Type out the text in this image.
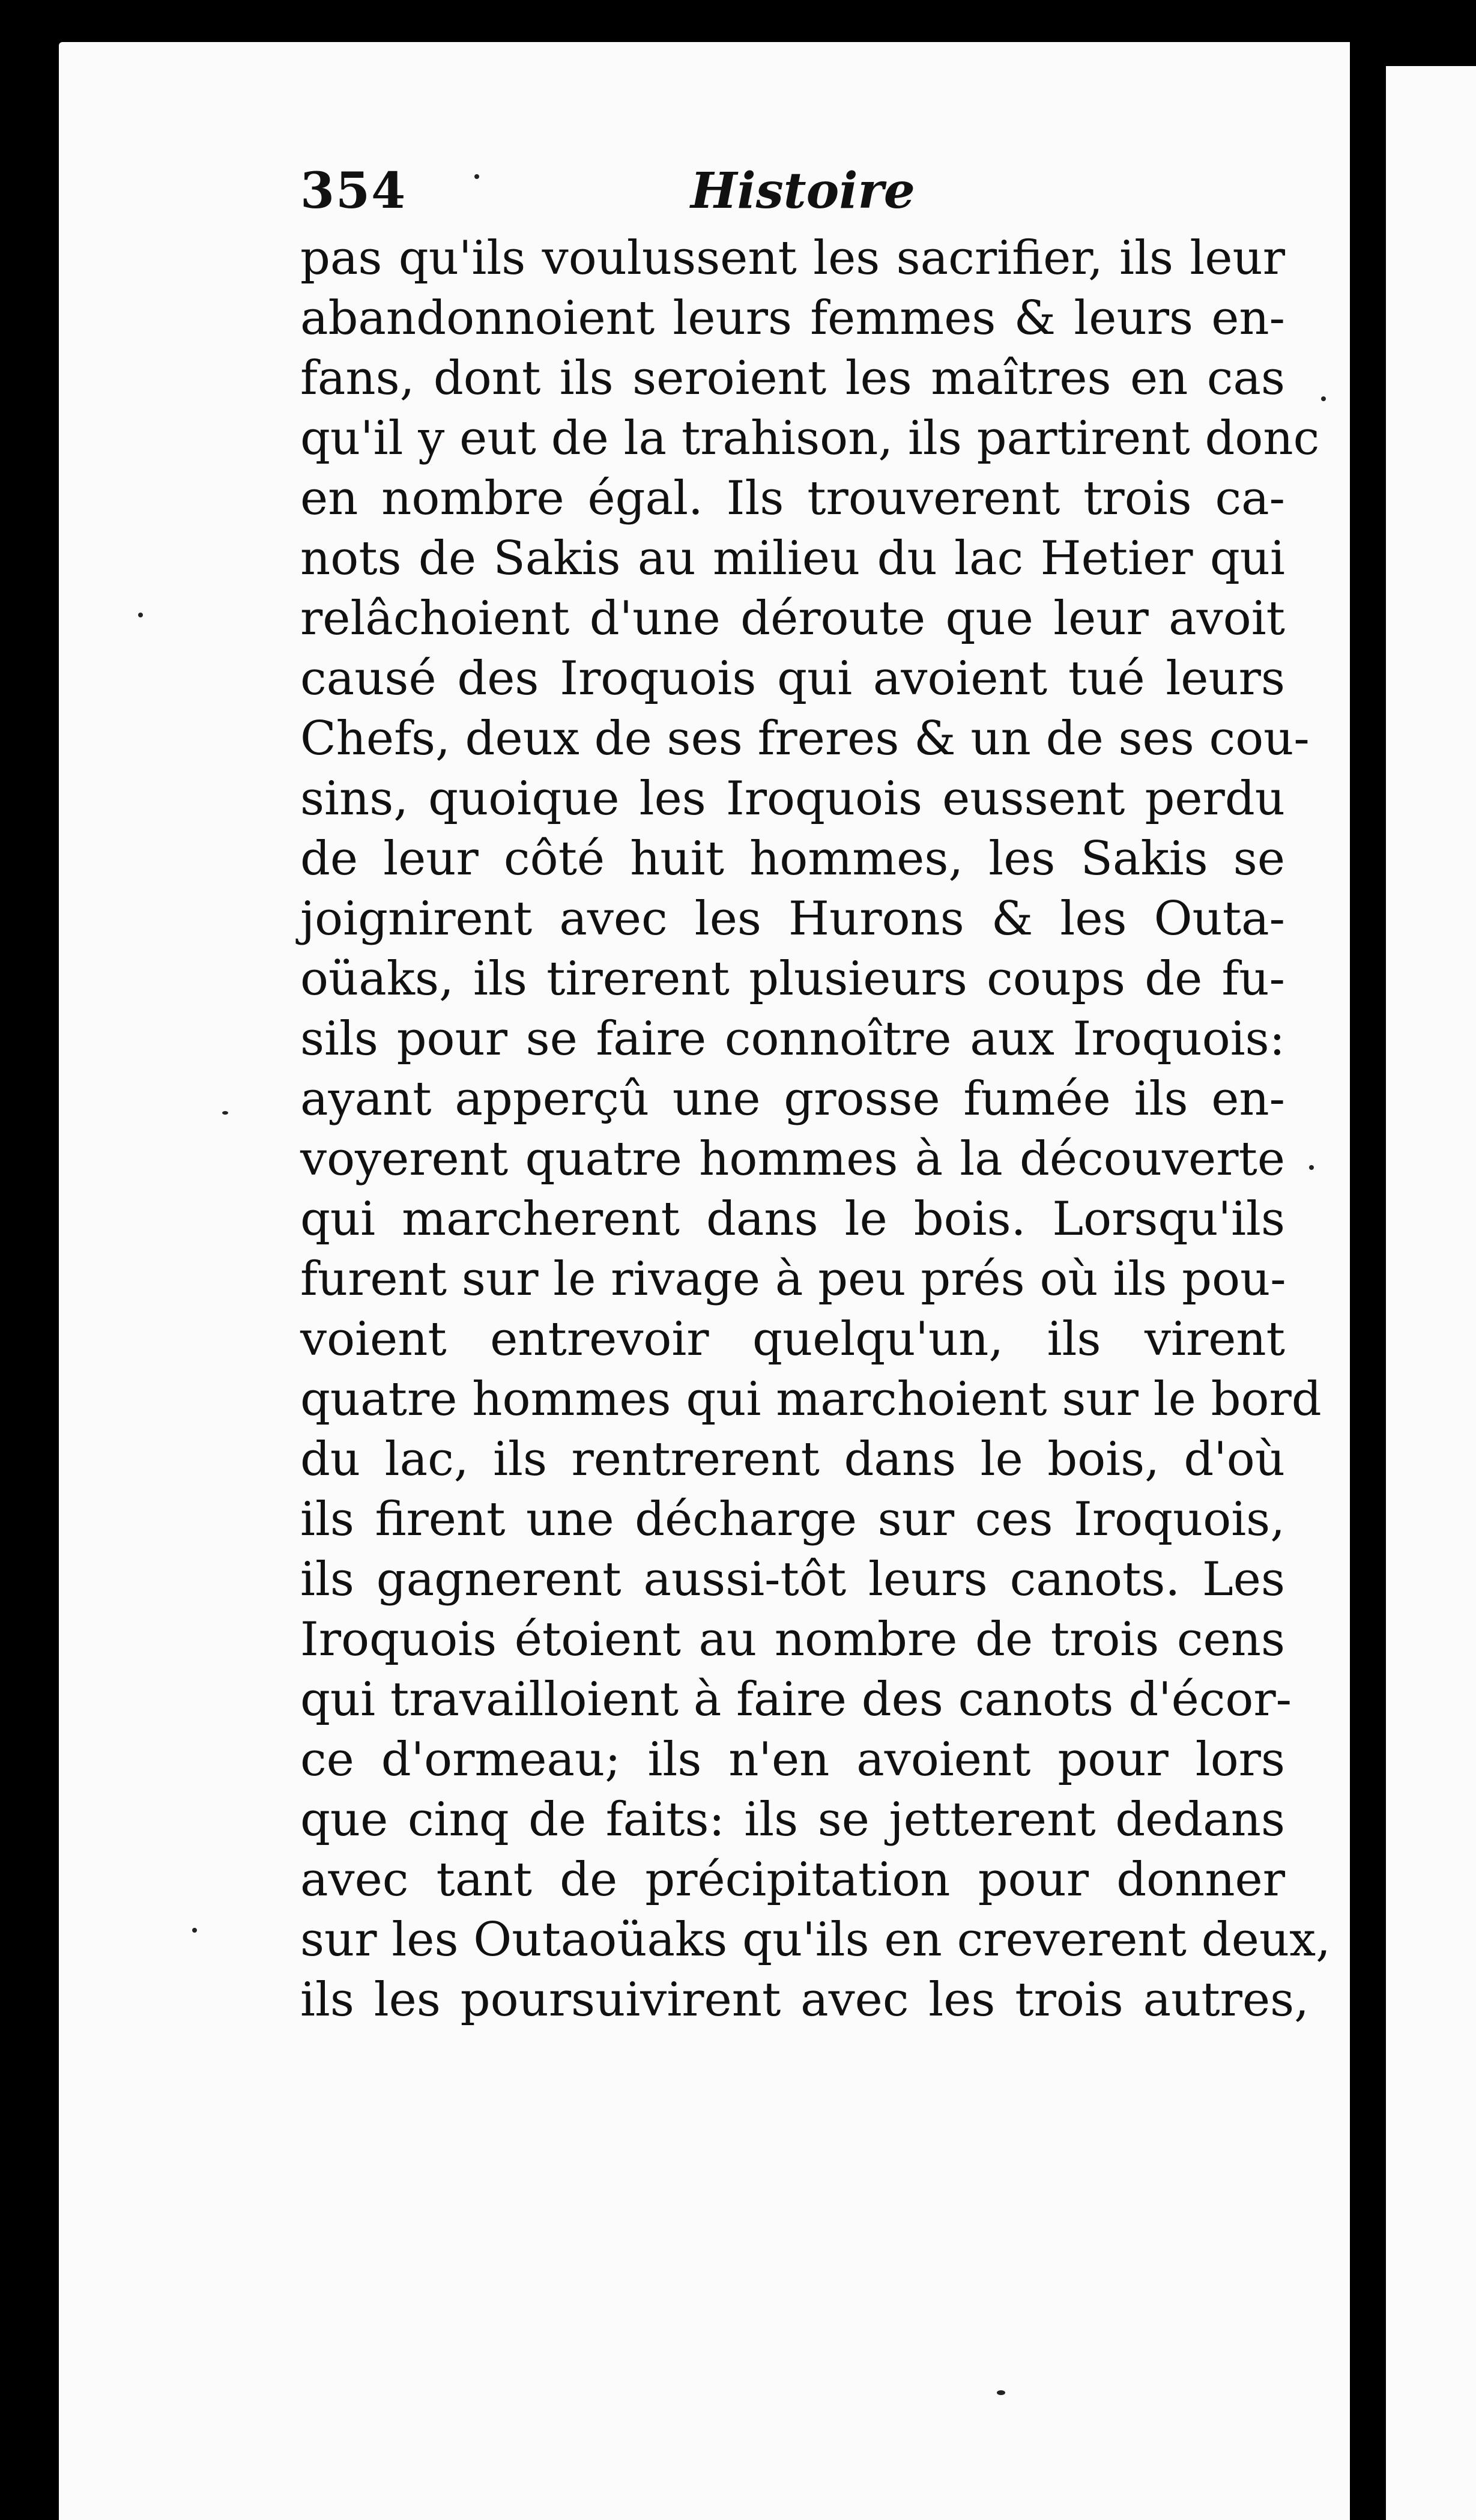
354	Histoire
pas qu'ils voulussent les sacrifier, ils leur
abandonnoient leurs femmes & leurs en-
fans, dont ils seroient les maîtres en cas
qu'il y eut de la trahison, ils partirent donc
en nombre égal. Ils trouverent trois ca-
nots de Sakis au milieu du lac Hetier qui
relâchoient d'une déroute que leur avoit
causé des Iroquois qui avoient tué leurs
Chefs, deux de ses freres & un de ses cou-
sins, quoique les Iroquois eussent perdu
de leur côté huit hommes, les Sakis se
joignirent avec les Hurons & les Outa-
oüaks, ils tirerent plusieurs coups de fu-
sils pour se faire connoître aux Iroquois:
ayant apperçû une grosse fumée ils en-
voyerent quatre hommes à la découverte
qui marcherent dans le bois. Lorsqu'ils
furent sur le rivage à peu prés où ils pou-
voient entrevoir quelqu'un, ils virent
quatre hommes qui marchoient sur le bord
du lac, ils rentrerent dans le bois, d'où
ils firent une décharge sur ces Iroquois,
ils gagnerent aussi-tôt leurs canots. Les
Iroquois étoient au nombre de trois cens
qui travailloient à faire des canots d'écor-
ce d'ormeau; ils n'en avoient pour lors
que cinq de faits: ils se jetterent dedans
avec tant de précipitation pour donner
sur les Outaoüaks qu'ils en creverent deux,
ils les poursuivirent avec les trois autres,
